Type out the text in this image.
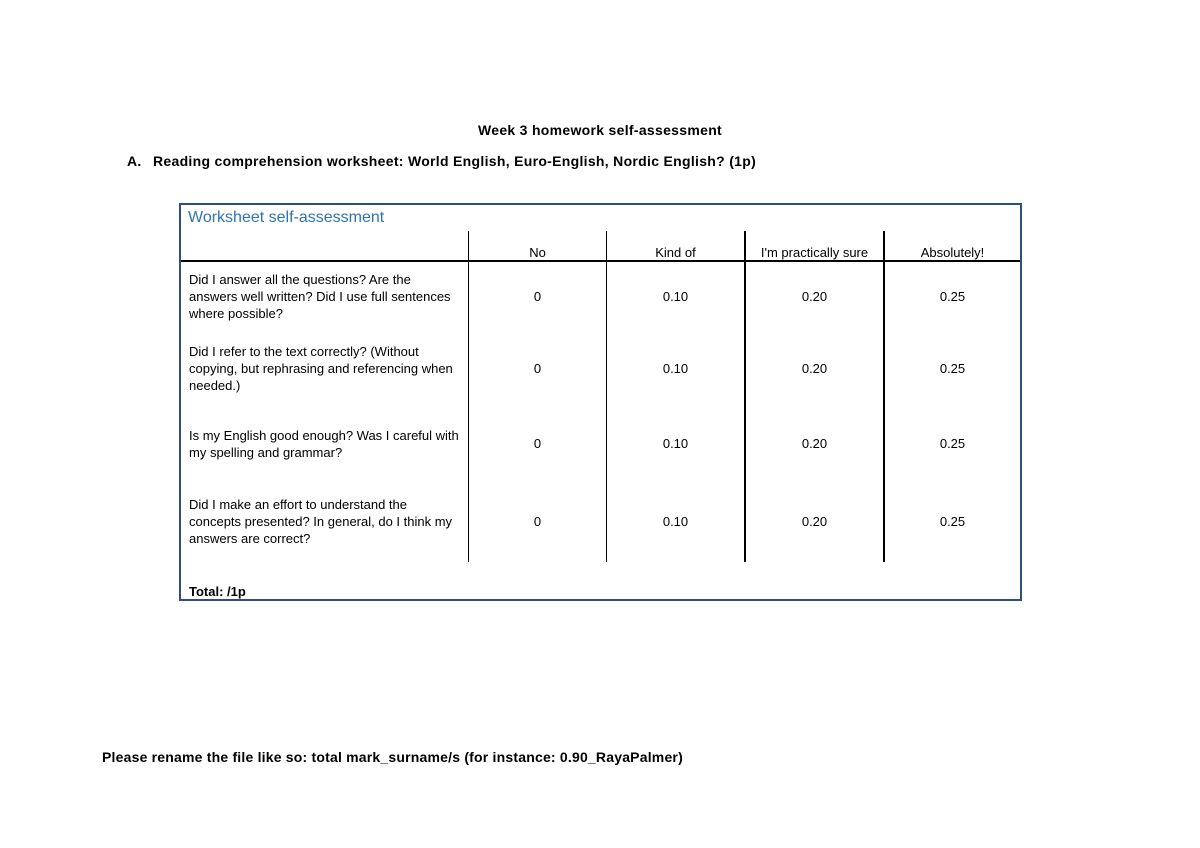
Week 3 homework self-assessment
A. Reading comprehension worksheet: World English, Euro-English, Nordic English? (1p)
Worksheet self-assessment
No	Kind of	I'm practically sure	Absolutely!
Did I answer all the questions? Are the answers well written? Did I use full sentences where possible?
0	0.10	0.20	0.25
Did I refer to the text correctly? (Without copying, but rephrasing and referencing when needed.)
0	0.10	0.20	0.25
Is my English good enough? Was I careful with my spelling and grammar?
0	0.10	0.20	0.25
Did I make an effort to understand the concepts presented? In general, do I think my answers are correct?
0	0.10	0.20	0.25
Total: /1p
Please rename the file like so: total mark_surname/s (for instance: 0.90_RayaPalmer)
